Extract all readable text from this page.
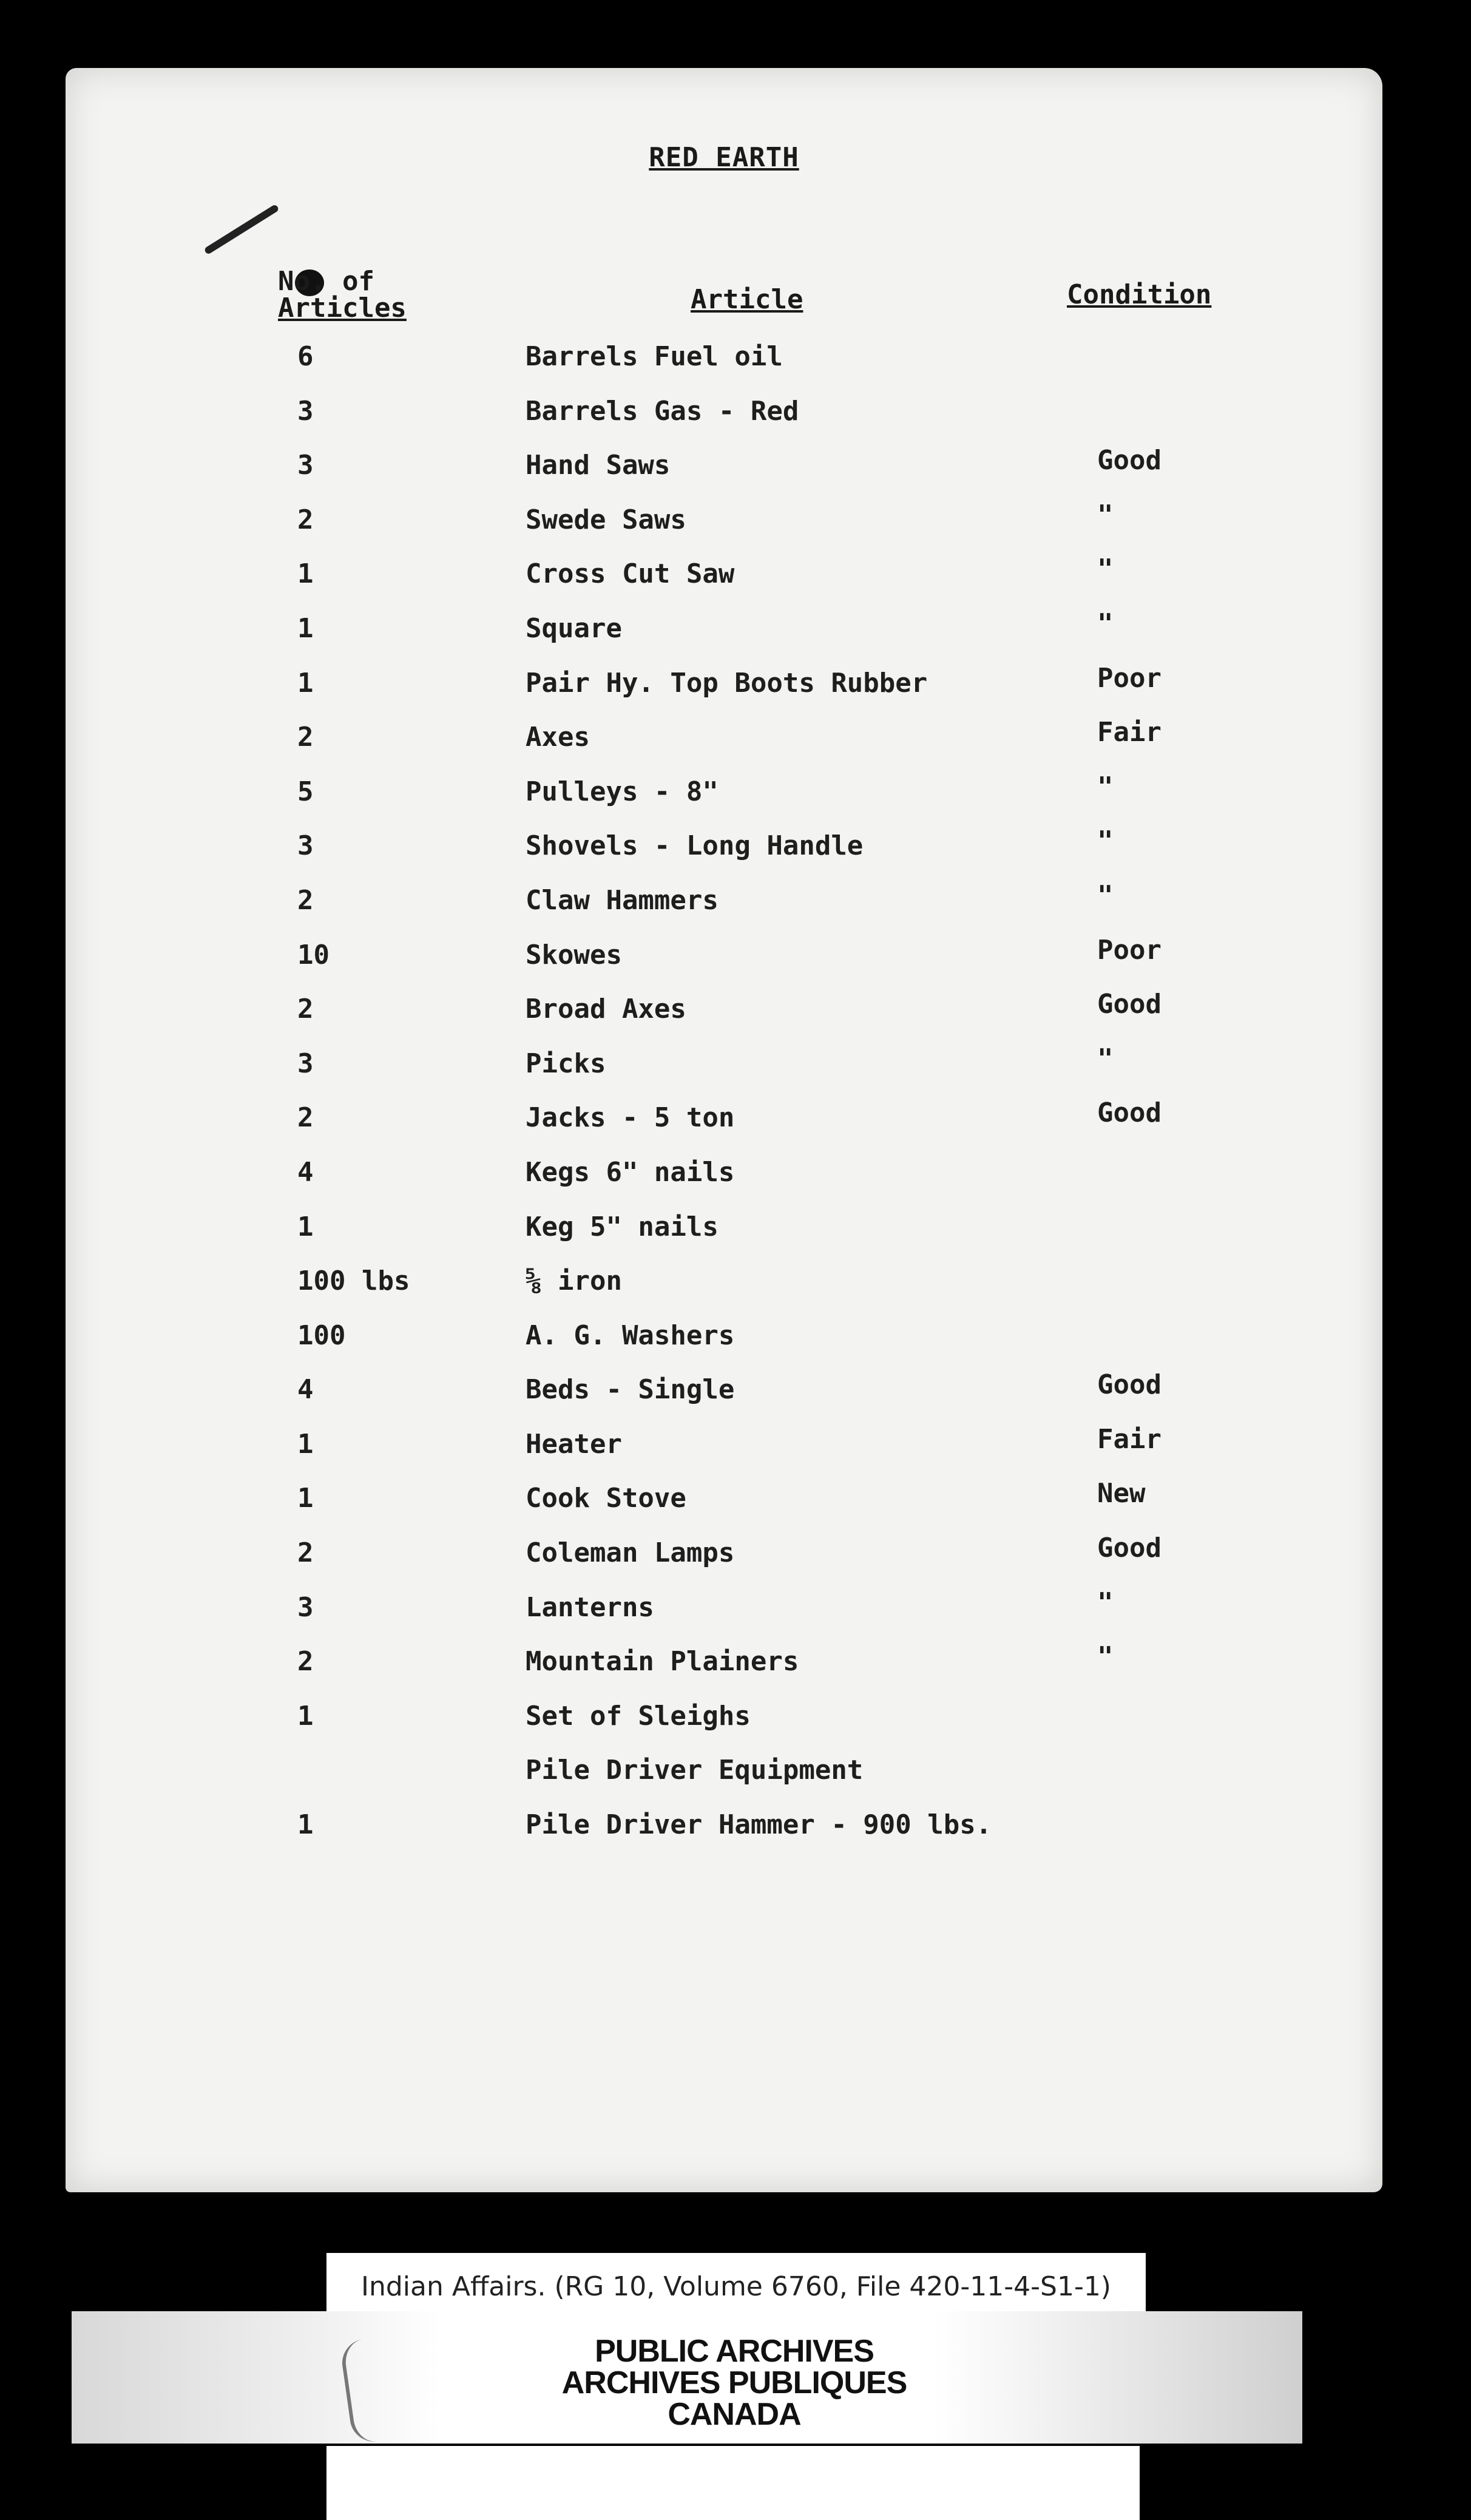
RED EARTH
No. of
Articles	Article	Condition
6	Barrels Fuel oil
3	Barrels Gas - Red
3	Hand Saws	Good
2	Swede Saws	"
1	Cross Cut Saw	"
1	Square	"
1	Pair Hy. Top Boots Rubber	Poor
2	Axes	Fair
5	Pulleys - 8"	"
3	Shovels - Long Handle	"
2	Claw Hammers	"
10	Skowes	Poor
2	Broad Axes	Good
3	Picks	"
2	Jacks - 5 ton	Good
4	Kegs 6" nails
1	Keg 5" nails
100 lbs	⅝ iron
100	A. G. Washers
4	Beds - Single	Good
1	Heater	Fair
1	Cook Stove	New
2	Coleman Lamps	Good
3	Lanterns	"
2	Mountain Plainers	"
1	Set of Sleighs
Pile Driver Equipment
1	Pile Driver Hammer - 900 lbs.
Indian Affairs. (RG 10, Volume 6760, File 420-11-4-S1-1)
PUBLIC ARCHIVES
ARCHIVES PUBLIQUES
CANADA
